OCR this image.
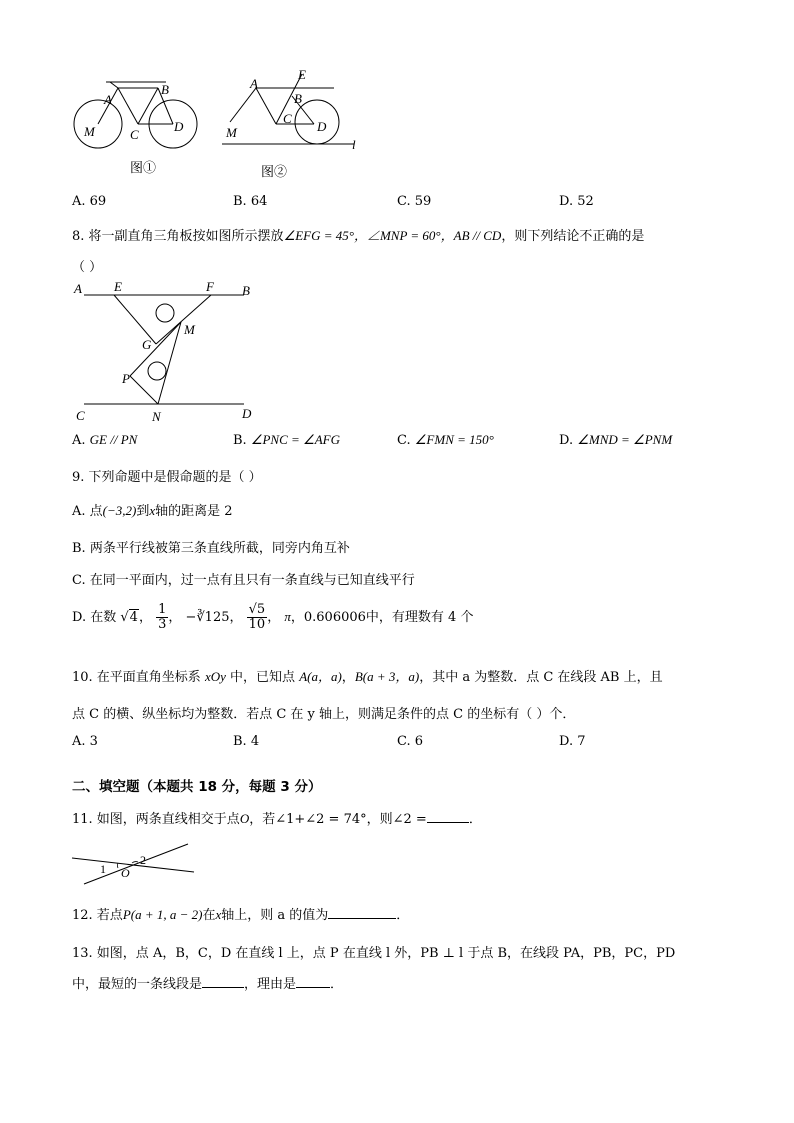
A
B
C
D
M
A
E
B
C
D
M
l
图①	图②
A. 69	B. 64	C. 59	D. 52
8. 将一副直角三角板按如图所示摆放∠EFG = 45°，∠MNP = 60°，AB // CD，则下列结论不正确的是
（ ）
A	B
E	F
G
M
P
C	N	D
A. GE // PN	B. ∠PNC = ∠AFG	C. ∠FMN = 150°	D. ∠MND = ∠PNM
9. 下列命题中是假命题的是（ ）
A. 点(−3,2)到x轴的距离是 2
B. 两条平行线被第三条直线所截，同旁内角互补
C. 在同一平面内，过一点有且只有一条直线与已知直线平行
D. 在数 √4， $\frac{1}{3}$ ， −∛125， $\frac{√5}{10}$ ， π，0.606006中，有理数有 4 个
10. 在平面直角坐标系 xOy 中，已知点 A(a，a)，B(a + 3，a)，其中 a 为整数．点 C 在线段 AB 上，且
点 C 的横、纵坐标均为整数．若点 C 在 y 轴上，则满足条件的点 C 的坐标有（ ）个．
A. 3	B. 4	C. 6	D. 7
二、填空题（本题共 18 分，每题 3 分）
11. 如图，两条直线相交于点O，若∠1+∠2 = 74°，则∠2 =	．
1
2
O
12. 若点P(a + 1, a − 2)在x轴上，则 a 的值为	．
13. 如图，点 A，B，C，D 在直线 l 上，点 P 在直线 l 外，PB ⊥ l 于点 B，在线段 PA，PB，PC，PD
中，最短的一条线段是	，理由是	．
